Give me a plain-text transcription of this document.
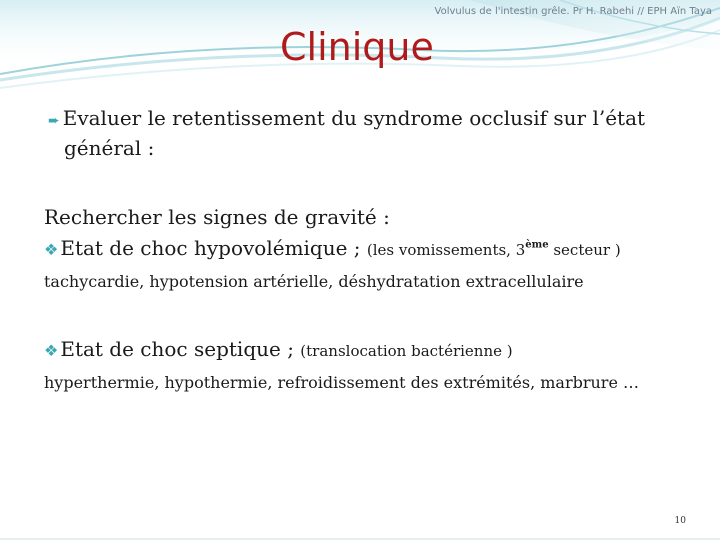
Volvulus de l'intestin grêle. Pr H. Rabehi // EPH Aïn Taya
Clinique
➨ Evaluer le retentissement du syndrome occlusif sur l’état
général :
Rechercher les signes de gravité :
❖ Etat de choc hypovolémique ; (les vomissements, 3ème secteur )
tachycardie, hypotension artérielle, déshydratation extracellulaire
❖ Etat de choc septique ; (translocation bactérienne )
hyperthermie, hypothermie, refroidissement des extrémités, marbrure …
10
